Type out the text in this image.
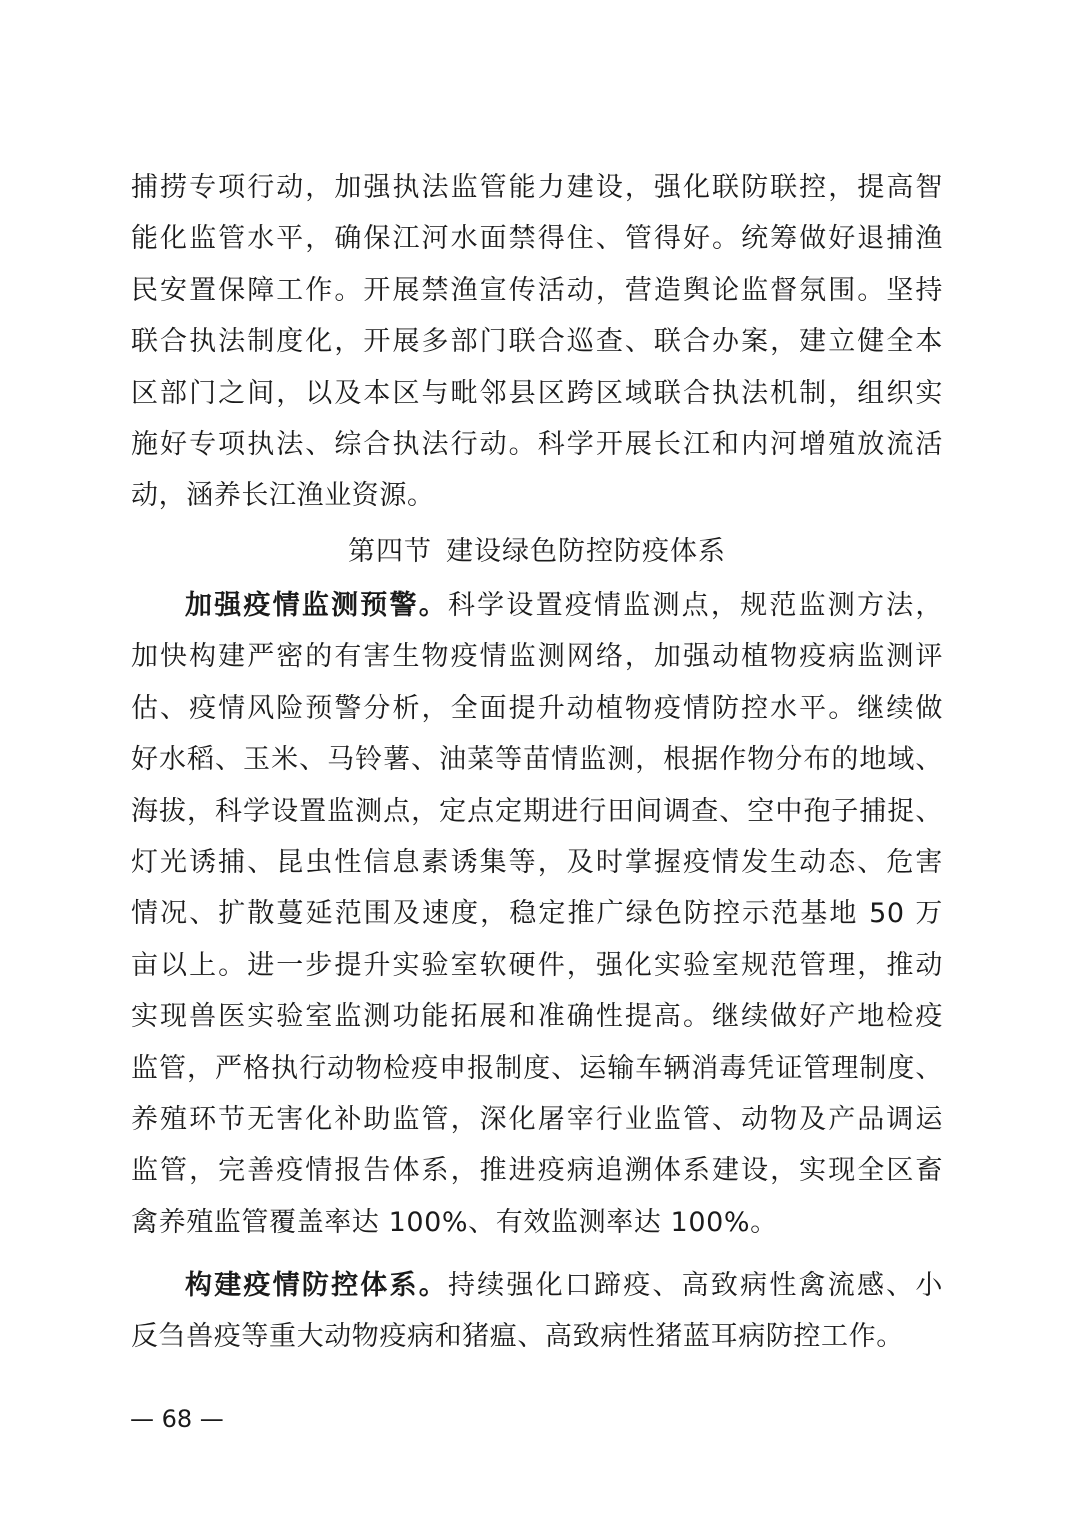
捕捞专项行动，加强执法监管能力建设，强化联防联控，提高智
能化监管水平，确保江河水面禁得住、管得好。统筹做好退捕渔
民安置保障工作。开展禁渔宣传活动，营造舆论监督氛围。坚持
联合执法制度化，开展多部门联合巡查、联合办案，建立健全本
区部门之间，以及本区与毗邻县区跨区域联合执法机制，组织实
施好专项执法、综合执法行动。科学开展长江和内河增殖放流活
动，涵养长江渔业资源。
第四节 建设绿色防控防疫体系
加强疫情监测预警。科学设置疫情监测点，规范监测方法，
加快构建严密的有害生物疫情监测网络，加强动植物疫病监测评
估、疫情风险预警分析，全面提升动植物疫情防控水平。继续做
好水稻、玉米、马铃薯、油菜等苗情监测，根据作物分布的地域、
海拔，科学设置监测点，定点定期进行田间调查、空中孢子捕捉、
灯光诱捕、昆虫性信息素诱集等，及时掌握疫情发生动态、危害
情况、扩散蔓延范围及速度，稳定推广绿色防控示范基地 50 万
亩以上。进一步提升实验室软硬件，强化实验室规范管理，推动
实现兽医实验室监测功能拓展和准确性提高。继续做好产地检疫
监管，严格执行动物检疫申报制度、运输车辆消毒凭证管理制度、
养殖环节无害化补助监管，深化屠宰行业监管、动物及产品调运
监管，完善疫情报告体系，推进疫病追溯体系建设，实现全区畜
禽养殖监管覆盖率达 100%、有效监测率达 100%。
构建疫情防控体系。持续强化口蹄疫、高致病性禽流感、小
反刍兽疫等重大动物疫病和猪瘟、高致病性猪蓝耳病防控工作。
— 68 —
